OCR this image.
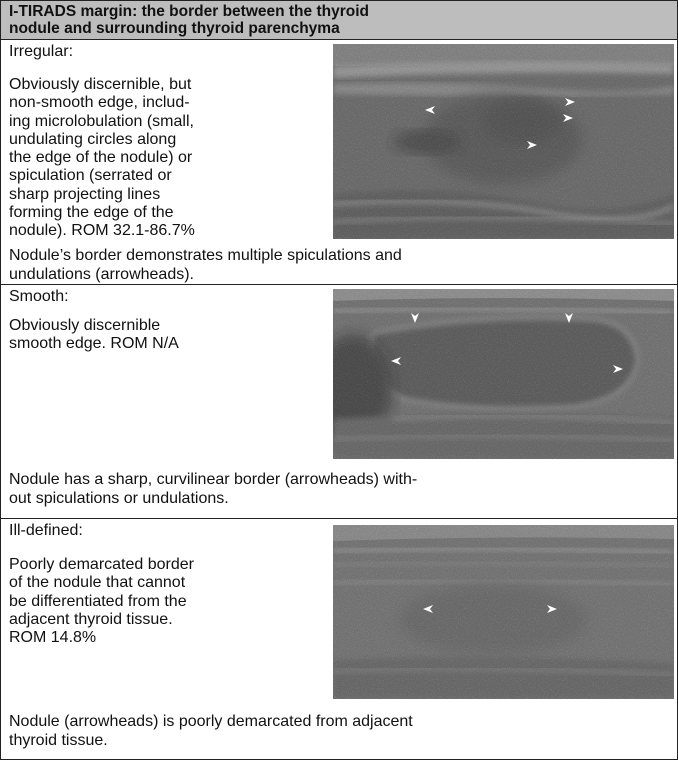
I-TIRADS margin: the border between the thyroid
nodule and surrounding thyroid parenchyma
Irregular:
Obviously discernible, but
non-smooth edge, includ-
ing microlobulation (small,
undulating circles along
the edge of the nodule) or
spiculation (serrated or
sharp projecting lines
forming the edge of the
nodule). ROM 32.1-86.7%
Nodule’s border demonstrates multiple spiculations and
undulations (arrowheads).
Smooth:
Obviously discernible
smooth edge. ROM N/A
Nodule has a sharp, curvilinear border (arrowheads) with-
out spiculations or undulations.
Ill-defined:
Poorly demarcated border
of the nodule that cannot
be differentiated from the
adjacent thyroid tissue.
ROM 14.8%
Nodule (arrowheads) is poorly demarcated from adjacent
thyroid tissue.
